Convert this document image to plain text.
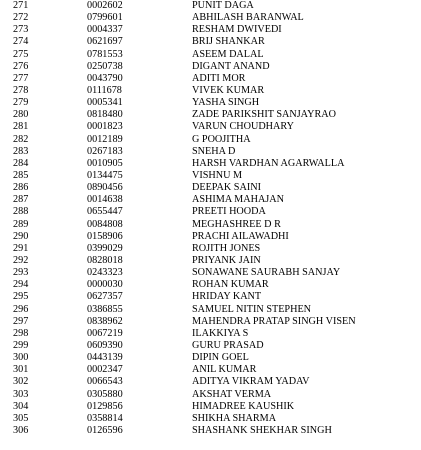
271	0002602	PUNIT DAGA
272	0799601	ABHILASH BARANWAL
273	0004337	RESHAM DWIVEDI
274	0621697	BRIJ SHANKAR
275	0781553	ASEEM DALAL
276	0250738	DIGANT ANAND
277	0043790	ADITI MOR
278	0111678	VIVEK KUMAR
279	0005341	YASHA SINGH
280	0818480	ZADE PARIKSHIT SANJAYRAO
281	0001823	VARUN CHOUDHARY
282	0012189	G POOJITHA
283	0267183	SNEHA D
284	0010905	HARSH VARDHAN AGARWALLA
285	0134475	VISHNU M
286	0890456	DEEPAK SAINI
287	0014638	ASHIMA MAHAJAN
288	0655447	PREETI HOODA
289	0084808	MEGHASHREE D R
290	0158906	PRACHI AILAWADHI
291	0399029	ROJITH JONES
292	0828018	PRIYANK JAIN
293	0243323	SONAWANE SAURABH SANJAY
294	0000030	ROHAN KUMAR
295	0627357	HRIDAY KANT
296	0386855	SAMUEL NITIN STEPHEN
297	0838962	MAHENDRA PRATAP SINGH VISEN
298	0067219	ILAKKIYA S
299	0609390	GURU PRASAD
300	0443139	DIPIN GOEL
301	0002347	ANIL KUMAR
302	0066543	ADITYA VIKRAM YADAV
303	0305880	AKSHAT VERMA
304	0129856	HIMADREE KAUSHIK
305	0358814	SHIKHA SHARMA
306	0126596	SHASHANK SHEKHAR SINGH
